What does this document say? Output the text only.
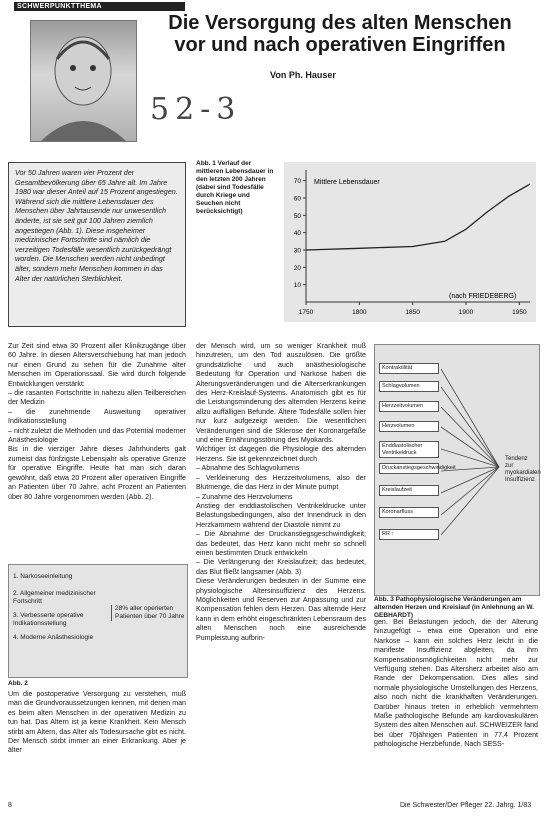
SCHWERPUNKTTHEMA
Die Versorgung des alten Menschen
vor und nach operativen Eingriffen
Von Ph. Hauser
52-3
Vor 50 Jahren waren vier Prozent der Gesamtbevölkerung über 65 Jahre alt. Im Jahre 1980 war dieser Anteil auf 15 Prozent angestiegen. Während sich die mittlere Lebensdauer des Menschen über Jahrtausende nur unwesentlich änderte, ist sie seit gut 100 Jahren ziemlich angestiegen (Abb. 1). Diese insgeheimer medizinischer Fortschritte sind nämlich die verzeitigen Todesfälle wesentlich zurückgedrängt worden. Die Menschen werden nicht unbedingt älter, sondern mehr Menschen kommen in das Alter der natürlichen Sterblichkeit.
Abb. 1 Verlauf der mittleren Lebensdauer in den letzten 200 Jahren (dabei sind Todesfälle durch Kriege und Seuchen nicht berücksichtigt)
70
60
50
40
30
20
10
1750	1800	1850	1900	1950
Mittlere Lebensdauer
(nach FRIEDEBERG)

Zur Zeit sind etwa 30 Prozent aller Klinikzugänge über 60 Jahre. In diesen Altersverschiebung hat man jedoch nur einen Grund zu sehen für die Zunahme alter Menschen im Operationssaal. Sie wird durch folgende Entwicklungen verstärkt:

– die rasanten Fortschritte in nahezu allen Teilbereichen der Medizin

– die zunehmende Ausweitung operativer Indikationsstellung

– nicht zuletzt die Methoden und das Potential moderner Anästhesiologie

Bis in die vierziger Jahre dieses Jahrhunderts galt zumeist das fünfzigste Lebensjahr als operative Grenze für operative Eingriffe. Heute hat man sich daran gewöhnt, daß etwa 20 Prozent aller operativen Eingriffe an Patienten über 70 Jahre, acht Prozent an Patienten über 80 Jahre vorgenommen werden (Abb. 2).

1. Narkoseeinleitung
2. Allgemeiner medizinischer Fortschritt
3. Verbesserte operative Indikationsstellung
4. Moderne Anästhesiologie
28% aller operierten Patienten über 70 Jahre
Abb. 2
Um die postoperative Versorgung zu verstehen, muß man die Grundvoraussetzungen kennen, mit denen man es beim alten Menschen in der operativen Medizin zu tun hat. Das Altern ist ja keine Krankheit. Kein Mensch stirbt am Altern, das Alter als Todesursache gibt es nicht. Der Mensch stirbt immer an einer Erkrankung. Aber je älter

der Mensch wird, um so weniger Krankheit muß hinzutreten, um den Tod auszulösen. Die größte grundsätzliche und auch anästhesiologische Bedeutung für Operation und Narkose haben die Alterungsveränderungen und die Alterserkrankungen des Herz-Kreislauf-Systems. Anatomisch gibt es für die Leistungsminderung des alternden Herzens keine allzu auffälligen Befunde. Ältere Todesfälle sollen hier nur kurz aufgezeigt werden. Die wesentlichen Veränderungen sind die Sklerose der Koronargefäße und eine Ernährungsstörung des Myokards.

Wichtiger ist dagegen die Physiologie des alternden Herzens. Sie ist gekennzeichnet durch

– Abnahme des Schlagvolumens
– Verkleinerung des Herzzeitvolumens, also der Blutmenge, die das Herz in der Minute pumpt
– Zunahme des Herzvolumens
Anstieg der enddiastolischen Ventrikeldrucke unter Belastungsbedingungen, also der Innendruck in den Herzkammern während der Diastole nimmt zu
– Die Abnahme der Druckanstiegsgeschwindigkeit; das bedeutet, das Herz kann nicht mehr so schnell einen bestimmten Druck entwickeln
– Die Verlängerung der Kreislaufzeit; das bedeutet, das Blut fließt langsamer (Abb. 3)

Diese Veränderungen bedeuten in der Summe eine physiologische Altersinsuffizienz des Herzens. Möglichkeiten und Reserven zur Anpassung und zur Kompensation fehlen dem Herzen. Das alternde Herz kann in dem erhöht eingeschränkten Lebensraum des alten Menschen noch eine ausreichende Pumpleistung aufbrin-

Kontraktilität
Schlagvolumen
Herzzeitvolumen
Herzvolumen
Enddiastolischer Ventrikeldruck
Druckanstiegsgeschwindigkeit
Kreislaufzeit
Koronarfluss
RR ↑
Tendenz zur myokardialen Insuffizienz
Abb. 3 Pathophysiologische Veränderungen am alternden Herzen und Kreislauf (in Anlehnung an W. GEBHARDT)
gen. Bei Belastungen jedoch, die der Alterung hinzugefügt – etwa eine Operation und eine Narkose – kann ein solches Herz leicht in die manifeste Insuffizienz abgleiten, da ihm Kompensationsmöglichkeiten nicht mehr zur Verfügung stehen. Das Altersherz arbeitet also am Rande der Dekompensation. Dies alles sind normale physiologische Umstellungen des Herzens, also noch nicht die krankhaften Veränderungen. Darüber hinaus treten in erheblich vermehrtem Maße pathologische Befunde am kardiovaskulären System des alten Menschen auf. SCHWEIZER fand bei über 70jährigen Patienten in 77,4 Prozent pathologische Herzbefunde. Nach SESS-
8	Die Schwester/Der Pfleger 22. Jahrg. 1/83
